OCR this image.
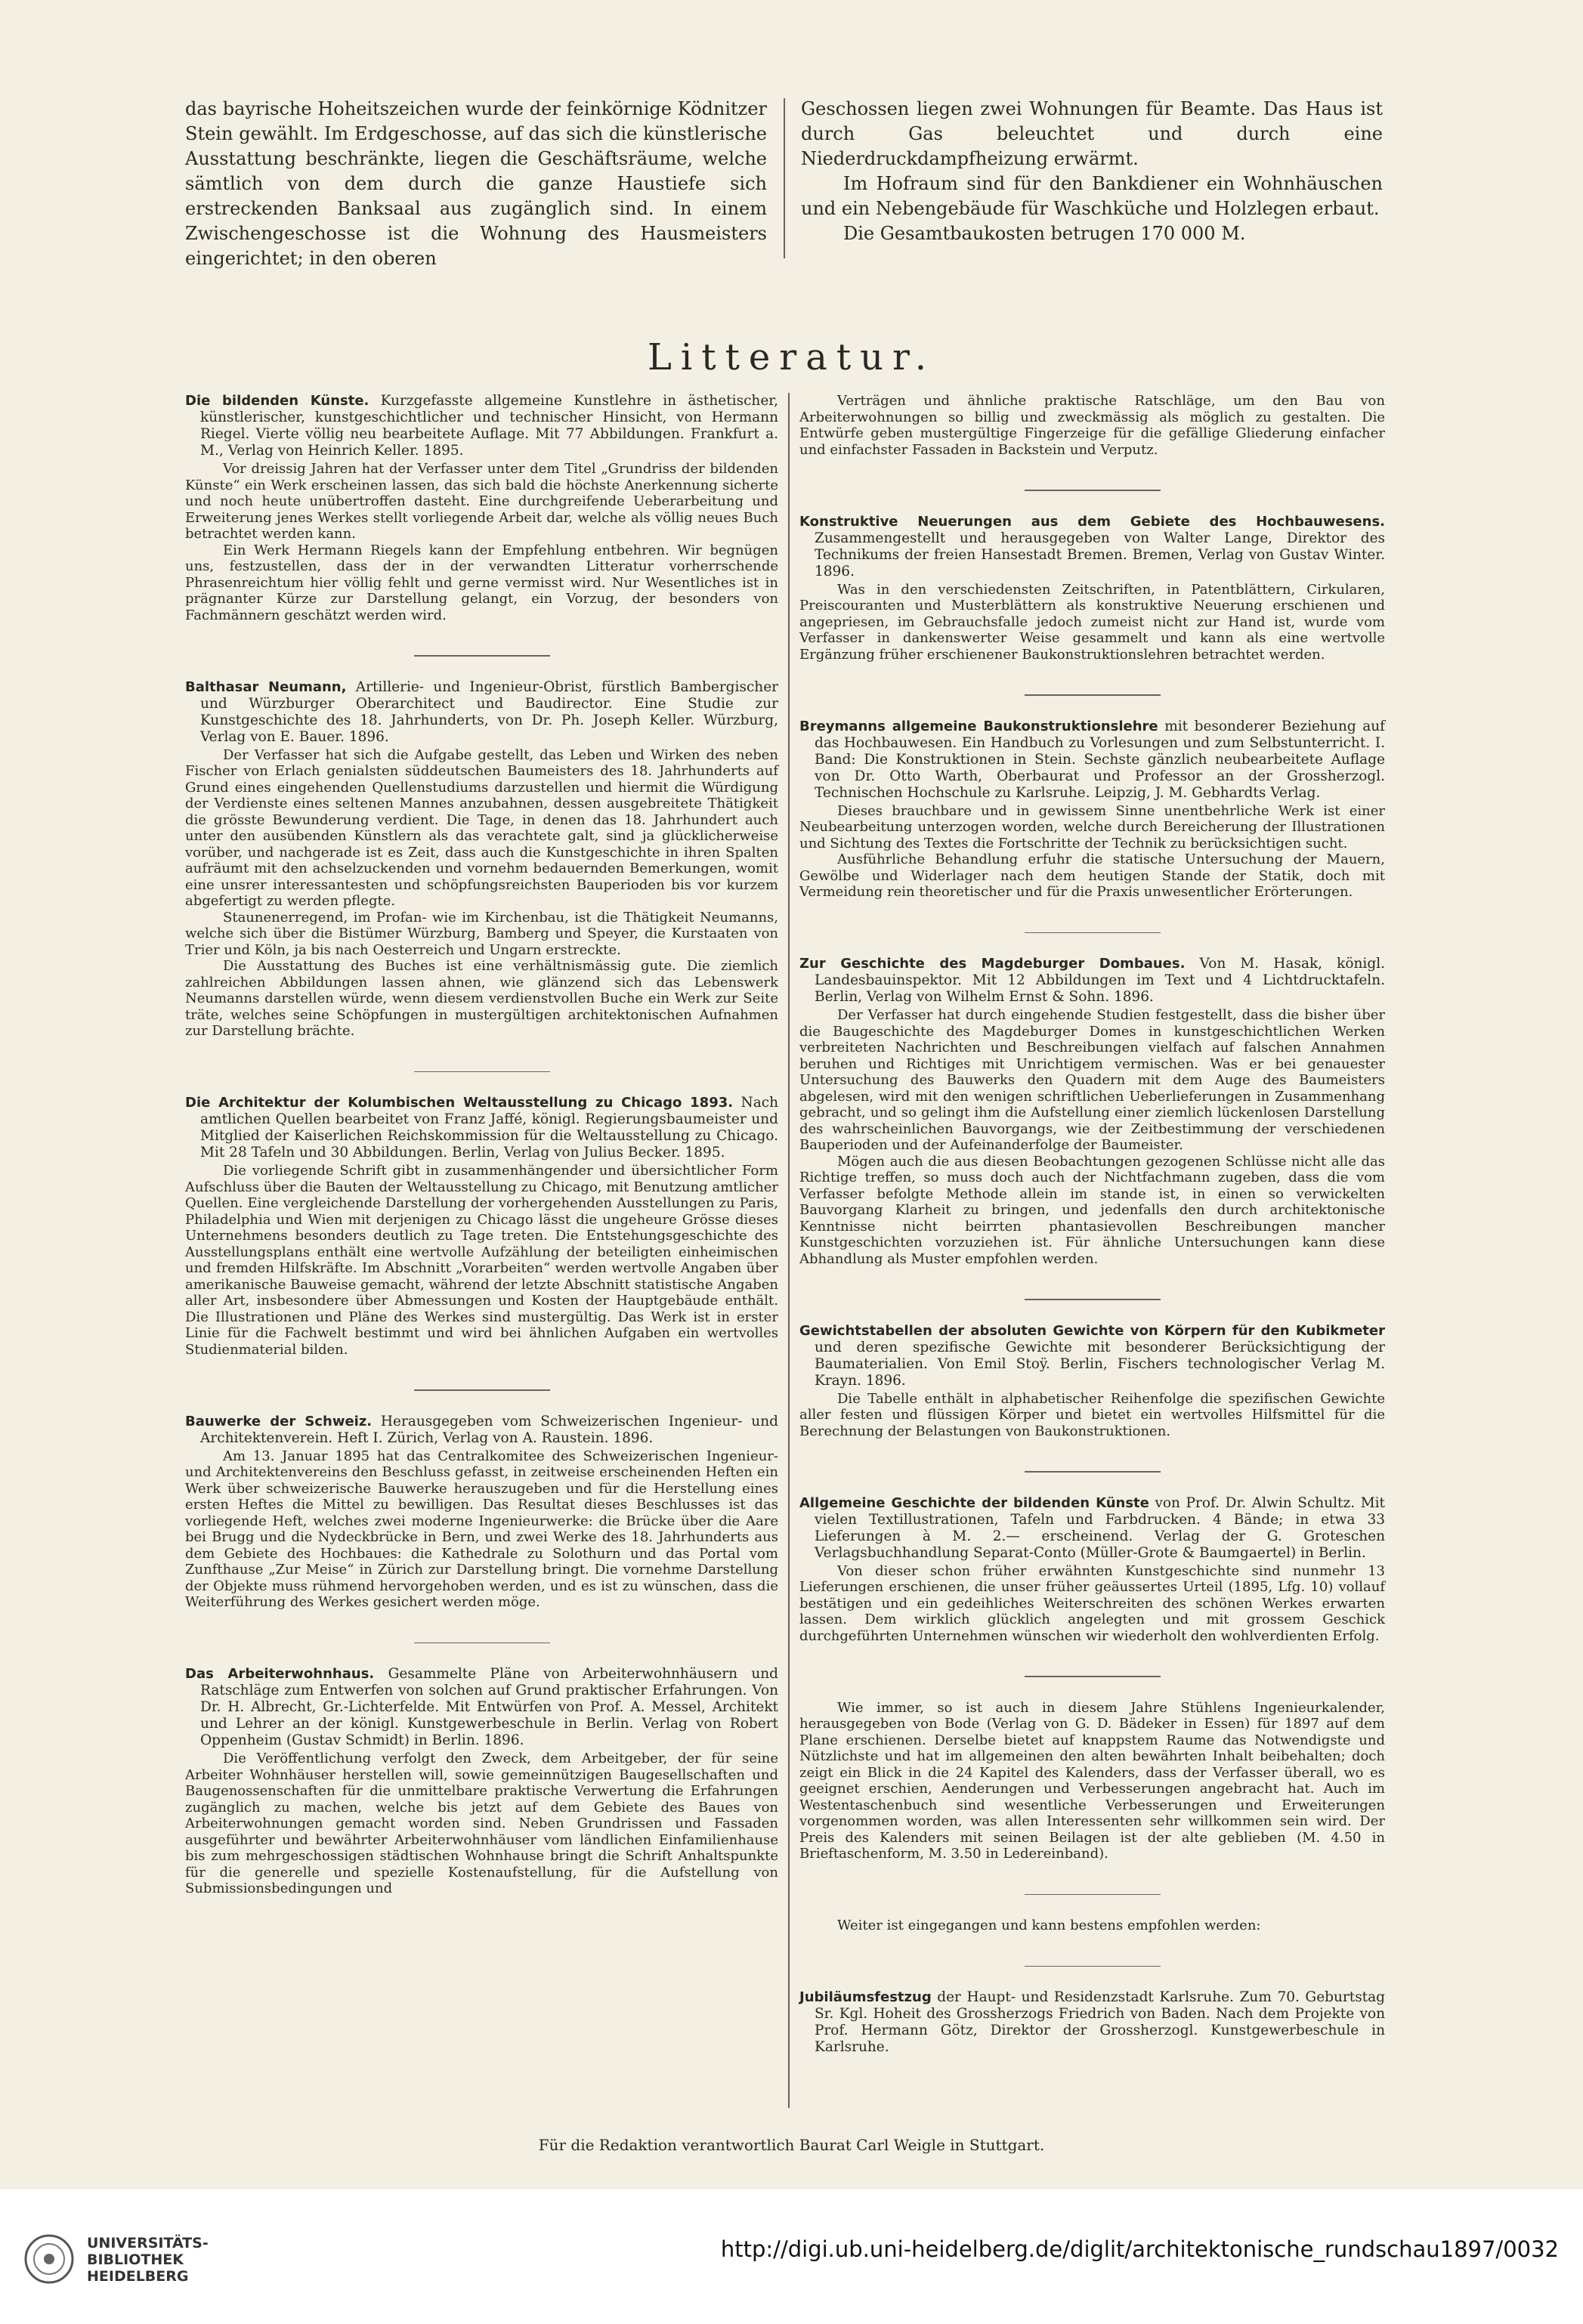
das bayrische Hoheitszeichen wurde der feinkörnige Ködnitzer Stein gewählt. Im Erdgeschosse, auf das sich die künstlerische Ausstattung beschränkte, liegen die Geschäftsräume, welche sämtlich von dem durch die ganze Haustiefe sich erstreckenden Banksaal aus zugänglich sind. In einem Zwischengeschosse ist die Wohnung des Hausmeisters eingerichtet; in den oberen

Geschossen liegen zwei Wohnungen für Beamte. Das Haus ist durch Gas beleuchtet und durch eine Niederdruckdampfheizung erwärmt.

Im Hofraum sind für den Bankdiener ein Wohnhäuschen und ein Nebengebäude für Waschküche und Holzlegen erbaut.

Die Gesamtbaukosten betrugen 170 000 M.

Litteratur.

Die bildenden Künste. Kurzgefasste allgemeine Kunstlehre in ästhetischer, künstlerischer, kunstgeschichtlicher und technischer Hinsicht, von Hermann Riegel. Vierte völlig neu bearbeitete Auflage. Mit 77 Abbildungen. Frankfurt a. M., Verlag von Heinrich Keller. 1895.

Vor dreissig Jahren hat der Verfasser unter dem Titel „Grundriss der bildenden Künste“ ein Werk erscheinen lassen, das sich bald die höchste Anerkennung sicherte und noch heute unübertroffen dasteht. Eine durchgreifende Ueberarbeitung und Erweiterung jenes Werkes stellt vorliegende Arbeit dar, welche als völlig neues Buch betrachtet werden kann.

Ein Werk Hermann Riegels kann der Empfehlung entbehren. Wir begnügen uns, festzustellen, dass der in der verwandten Litteratur vorherrschende Phrasenreichtum hier völlig fehlt und gerne vermisst wird. Nur Wesentliches ist in prägnanter Kürze zur Darstellung gelangt, ein Vorzug, der besonders von Fachmännern geschätzt werden wird.

Balthasar Neumann, Artillerie- und Ingenieur-Obrist, fürstlich Bambergischer und Würzburger Oberarchitect und Baudirector. Eine Studie zur Kunstgeschichte des 18. Jahrhunderts, von Dr. Ph. Joseph Keller. Würzburg, Verlag von E. Bauer. 1896.

Der Verfasser hat sich die Aufgabe gestellt, das Leben und Wirken des neben Fischer von Erlach genialsten süddeutschen Baumeisters des 18. Jahrhunderts auf Grund eines eingehenden Quellenstudiums darzustellen und hiermit die Würdigung der Verdienste eines seltenen Mannes anzubahnen, dessen ausgebreitete Thätigkeit die grösste Bewunderung verdient. Die Tage, in denen das 18. Jahrhundert auch unter den ausübenden Künstlern als das verachtete galt, sind ja glücklicherweise vorüber, und nachgerade ist es Zeit, dass auch die Kunstgeschichte in ihren Spalten aufräumt mit den achselzuckenden und vornehm bedauernden Bemerkungen, womit eine unsrer interessantesten und schöpfungsreichsten Bauperioden bis vor kurzem abgefertigt zu werden pflegte.

Staunenerregend, im Profan- wie im Kirchenbau, ist die Thätigkeit Neumanns, welche sich über die Bistümer Würzburg, Bamberg und Speyer, die Kurstaaten von Trier und Köln, ja bis nach Oesterreich und Ungarn erstreckte.

Die Ausstattung des Buches ist eine verhältnismässig gute. Die ziemlich zahlreichen Abbildungen lassen ahnen, wie glänzend sich das Lebenswerk Neumanns darstellen würde, wenn diesem verdienstvollen Buche ein Werk zur Seite träte, welches seine Schöpfungen in mustergültigen architektonischen Aufnahmen zur Darstellung brächte.

Die Architektur der Kolumbischen Weltausstellung zu Chicago 1893. Nach amtlichen Quellen bearbeitet von Franz Jaffé, königl. Regierungsbaumeister und Mitglied der Kaiserlichen Reichskommission für die Weltausstellung zu Chicago. Mit 28 Tafeln und 30 Abbildungen. Berlin, Verlag von Julius Becker. 1895.

Die vorliegende Schrift gibt in zusammenhängender und übersichtlicher Form Aufschluss über die Bauten der Weltausstellung zu Chicago, mit Benutzung amtlicher Quellen. Eine vergleichende Darstellung der vorhergehenden Ausstellungen zu Paris, Philadelphia und Wien mit derjenigen zu Chicago lässt die ungeheure Grösse dieses Unternehmens besonders deutlich zu Tage treten. Die Entstehungsgeschichte des Ausstellungsplans enthält eine wertvolle Aufzählung der beteiligten einheimischen und fremden Hilfskräfte. Im Abschnitt „Vorarbeiten“ werden wertvolle Angaben über amerikanische Bauweise gemacht, während der letzte Abschnitt statistische Angaben aller Art, insbesondere über Abmessungen und Kosten der Hauptgebäude enthält. Die Illustrationen und Pläne des Werkes sind mustergültig. Das Werk ist in erster Linie für die Fachwelt bestimmt und wird bei ähnlichen Aufgaben ein wertvolles Studienmaterial bilden.

Bauwerke der Schweiz. Herausgegeben vom Schweizerischen Ingenieur- und Architektenverein. Heft I. Zürich, Verlag von A. Raustein. 1896.

Am 13. Januar 1895 hat das Centralkomitee des Schweizerischen Ingenieur- und Architektenvereins den Beschluss gefasst, in zeitweise erscheinenden Heften ein Werk über schweizerische Bauwerke herauszugeben und für die Herstellung eines ersten Heftes die Mittel zu bewilligen. Das Resultat dieses Beschlusses ist das vorliegende Heft, welches zwei moderne Ingenieurwerke: die Brücke über die Aare bei Brugg und die Nydeckbrücke in Bern, und zwei Werke des 18. Jahrhunderts aus dem Gebiete des Hochbaues: die Kathedrale zu Solothurn und das Portal vom Zunfthause „Zur Meise“ in Zürich zur Darstellung bringt. Die vornehme Darstellung der Objekte muss rühmend hervorgehoben werden, und es ist zu wünschen, dass die Weiterführung des Werkes gesichert werden möge.

Das Arbeiterwohnhaus. Gesammelte Pläne von Arbeiterwohnhäusern und Ratschläge zum Entwerfen von solchen auf Grund praktischer Erfahrungen. Von Dr. H. Albrecht, Gr.-Lichterfelde. Mit Entwürfen von Prof. A. Messel, Architekt und Lehrer an der königl. Kunstgewerbeschule in Berlin. Verlag von Robert Oppenheim (Gustav Schmidt) in Berlin. 1896.

Die Veröffentlichung verfolgt den Zweck, dem Arbeitgeber, der für seine Arbeiter Wohnhäuser herstellen will, sowie gemeinnützigen Baugesellschaften und Baugenossenschaften für die unmittelbare praktische Verwertung die Erfahrungen zugänglich zu machen, welche bis jetzt auf dem Gebiete des Baues von Arbeiterwohnungen gemacht worden sind. Neben Grundrissen und Fassaden ausgeführter und bewährter Arbeiterwohnhäuser vom ländlichen Einfamilienhause bis zum mehrgeschossigen städtischen Wohnhause bringt die Schrift Anhaltspunkte für die generelle und spezielle Kostenaufstellung, für die Aufstellung von Submissionsbedingungen und

Verträgen und ähnliche praktische Ratschläge, um den Bau von Arbeiterwohnungen so billig und zweckmässig als möglich zu gestalten. Die Entwürfe geben mustergültige Fingerzeige für die gefällige Gliederung einfacher und einfachster Fassaden in Backstein und Verputz.

Konstruktive Neuerungen aus dem Gebiete des Hochbauwesens. Zusammengestellt und herausgegeben von Walter Lange, Direktor des Technikums der freien Hansestadt Bremen. Bremen, Verlag von Gustav Winter. 1896.

Was in den verschiedensten Zeitschriften, in Patentblättern, Cirkularen, Preiscouranten und Musterblättern als konstruktive Neuerung erschienen und angepriesen, im Gebrauchsfalle jedoch zumeist nicht zur Hand ist, wurde vom Verfasser in dankenswerter Weise gesammelt und kann als eine wertvolle Ergänzung früher erschienener Baukonstruktionslehren betrachtet werden.

Breymanns allgemeine Baukonstruktionslehre mit besonderer Beziehung auf das Hochbauwesen. Ein Handbuch zu Vorlesungen und zum Selbstunterricht. I. Band: Die Konstruktionen in Stein. Sechste gänzlich neubearbeitete Auflage von Dr. Otto Warth, Oberbaurat und Professor an der Grossherzogl. Technischen Hochschule zu Karlsruhe. Leipzig, J. M. Gebhardts Verlag.

Dieses brauchbare und in gewissem Sinne unentbehrliche Werk ist einer Neubearbeitung unterzogen worden, welche durch Bereicherung der Illustrationen und Sichtung des Textes die Fortschritte der Technik zu berücksichtigen sucht.

Ausführliche Behandlung erfuhr die statische Untersuchung der Mauern, Gewölbe und Widerlager nach dem heutigen Stande der Statik, doch mit Vermeidung rein theoretischer und für die Praxis unwesentlicher Erörterungen.

Zur Geschichte des Magdeburger Dombaues. Von M. Hasak, königl. Landesbauinspektor. Mit 12 Abbildungen im Text und 4 Lichtdrucktafeln. Berlin, Verlag von Wilhelm Ernst & Sohn. 1896.

Der Verfasser hat durch eingehende Studien festgestellt, dass die bisher über die Baugeschichte des Magdeburger Domes in kunstgeschichtlichen Werken verbreiteten Nachrichten und Beschreibungen vielfach auf falschen Annahmen beruhen und Richtiges mit Unrichtigem vermischen. Was er bei genauester Untersuchung des Bauwerks den Quadern mit dem Auge des Baumeisters abgelesen, wird mit den wenigen schriftlichen Ueberlieferungen in Zusammenhang gebracht, und so gelingt ihm die Aufstellung einer ziemlich lückenlosen Darstellung des wahrscheinlichen Bauvorgangs, wie der Zeitbestimmung der verschiedenen Bauperioden und der Aufeinanderfolge der Baumeister.

Mögen auch die aus diesen Beobachtungen gezogenen Schlüsse nicht alle das Richtige treffen, so muss doch auch der Nichtfachmann zugeben, dass die vom Verfasser befolgte Methode allein im stande ist, in einen so verwickelten Bauvorgang Klarheit zu bringen, und jedenfalls den durch architektonische Kenntnisse nicht beirrten phantasievollen Beschreibungen mancher Kunstgeschichten vorzuziehen ist. Für ähnliche Untersuchungen kann diese Abhandlung als Muster empfohlen werden.

Gewichtstabellen der absoluten Gewichte von Körpern für den Kubikmeter und deren spezifische Gewichte mit besonderer Berücksichtigung der Baumaterialien. Von Emil Stoÿ. Berlin, Fischers technologischer Verlag M. Krayn. 1896.

Die Tabelle enthält in alphabetischer Reihenfolge die spezifischen Gewichte aller festen und flüssigen Körper und bietet ein wertvolles Hilfsmittel für die Berechnung der Belastungen von Baukonstruktionen.

Allgemeine Geschichte der bildenden Künste von Prof. Dr. Alwin Schultz. Mit vielen Textillustrationen, Tafeln und Farbdrucken. 4 Bände; in etwa 33 Lieferungen à M. 2.— erscheinend. Verlag der G. Groteschen Verlagsbuchhandlung Separat-Conto (Müller-Grote & Baumgaertel) in Berlin.

Von dieser schon früher erwähnten Kunstgeschichte sind nunmehr 13 Lieferungen erschienen, die unser früher geäussertes Urteil (1895, Lfg. 10) vollauf bestätigen und ein gedeihliches Weiterschreiten des schönen Werkes erwarten lassen. Dem wirklich glücklich angelegten und mit grossem Geschick durchgeführten Unternehmen wünschen wir wiederholt den wohlverdienten Erfolg.

Wie immer, so ist auch in diesem Jahre Stühlens Ingenieurkalender, herausgegeben von Bode (Verlag von G. D. Bädeker in Essen) für 1897 auf dem Plane erschienen. Derselbe bietet auf knappstem Raume das Notwendigste und Nützlichste und hat im allgemeinen den alten bewährten Inhalt beibehalten; doch zeigt ein Blick in die 24 Kapitel des Kalenders, dass der Verfasser überall, wo es geeignet erschien, Aenderungen und Verbesserungen angebracht hat. Auch im Westentaschenbuch sind wesentliche Verbesserungen und Erweiterungen vorgenommen worden, was allen Interessenten sehr willkommen sein wird. Der Preis des Kalenders mit seinen Beilagen ist der alte geblieben (M. 4.50 in Brieftaschenform, M. 3.50 in Ledereinband).

Weiter ist eingegangen und kann bestens empfohlen werden:

Jubiläumsfestzug der Haupt- und Residenzstadt Karlsruhe. Zum 70. Geburtstag Sr. Kgl. Hoheit des Grossherzogs Friedrich von Baden. Nach dem Projekte von Prof. Hermann Götz, Direktor der Grossherzogl. Kunstgewerbeschule in Karlsruhe.

Für die Redaktion verantwortlich Baurat Carl Weigle in Stuttgart.
UNIVERSITÄTS-
BIBLIOTHEK
HEIDELBERG
http://digi.ub.uni-heidelberg.de/diglit/architektonische_rundschau1897/0032
